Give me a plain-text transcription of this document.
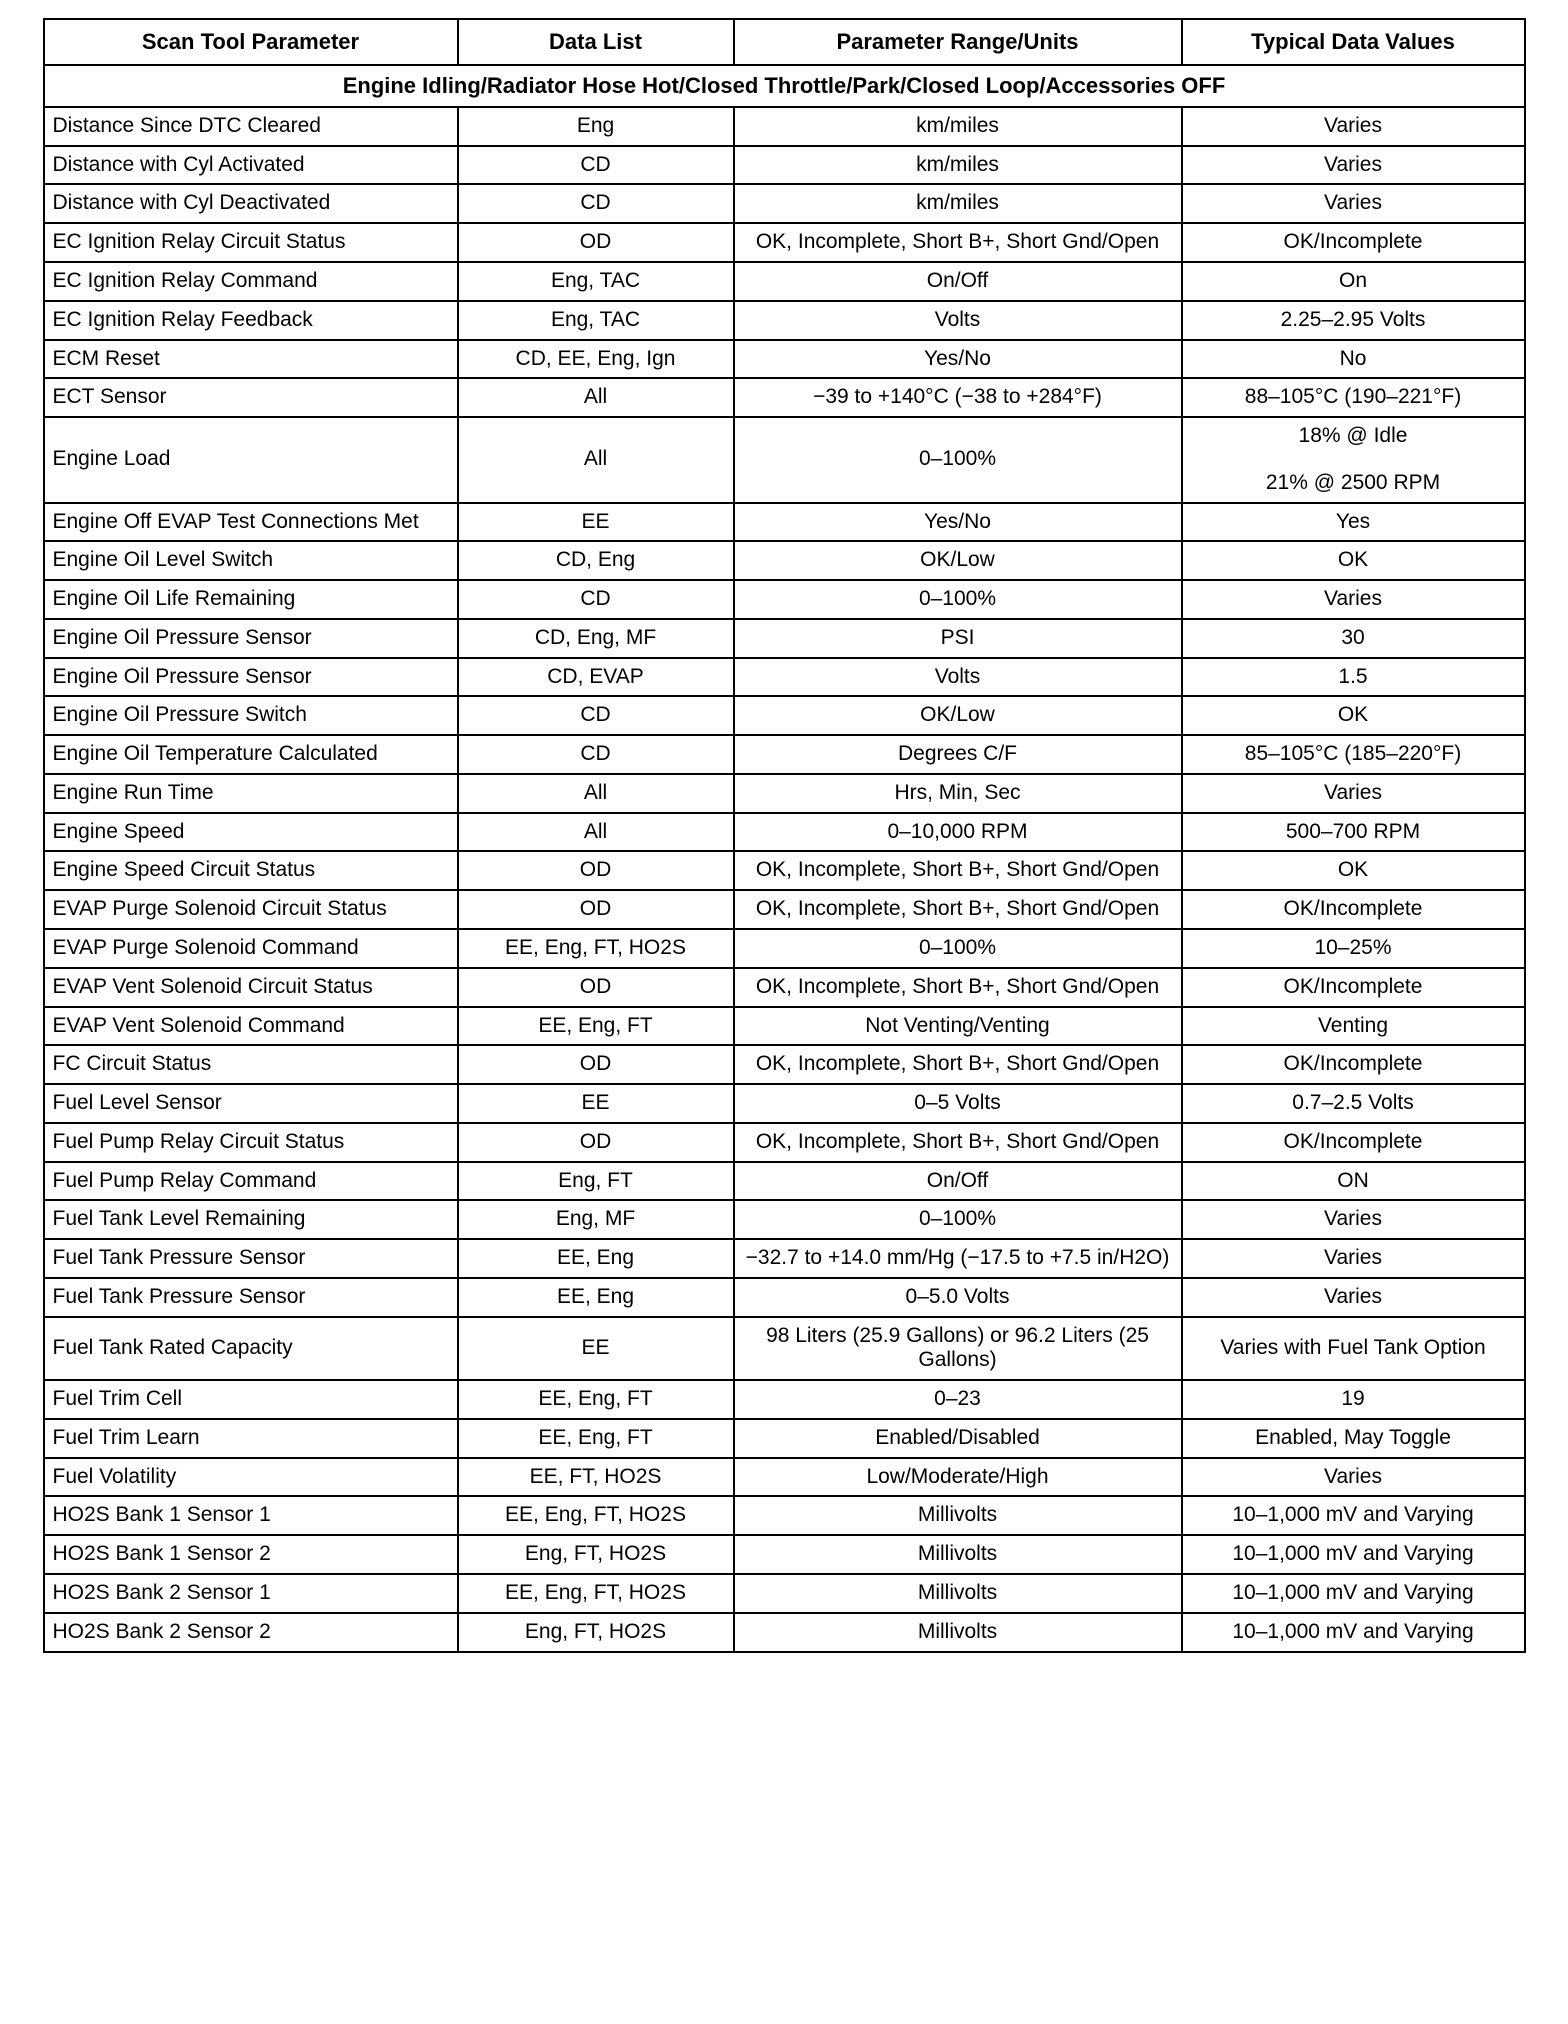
Scan Tool Parameter	Data List	Parameter Range/Units	Typical Data Values
Engine Idling/Radiator Hose Hot/Closed Throttle/Park/Closed Loop/Accessories OFF			
Distance Since DTC Cleared	Eng	km/miles	Varies
Distance with Cyl Activated	CD	km/miles	Varies
Distance with Cyl Deactivated	CD	km/miles	Varies
EC Ignition Relay Circuit Status	OD	OK, Incomplete, Short B+, Short Gnd/Open	OK/Incomplete
EC Ignition Relay Command	Eng, TAC	On/Off	On
EC Ignition Relay Feedback	Eng, TAC	Volts	2.25–2.95 Volts
ECM Reset	CD, EE, Eng, Ign	Yes/No	No
ECT Sensor	All	−39 to +140°C (−38 to +284°F)	88–105°C (190–221°F)
Engine Load	All	0–100%	18% @ Idle
21% @ 2500 RPM

Engine Off EVAP Test Connections Met	EE	Yes/No	Yes
Engine Oil Level Switch	CD, Eng	OK/Low	OK
Engine Oil Life Remaining	CD	0–100%	Varies
Engine Oil Pressure Sensor	CD, Eng, MF	PSI	30
Engine Oil Pressure Sensor	CD, EVAP	Volts	1.5
Engine Oil Pressure Switch	CD	OK/Low	OK
Engine Oil Temperature Calculated	CD	Degrees C/F	85–105°C (185–220°F)
Engine Run Time	All	Hrs, Min, Sec	Varies
Engine Speed	All	0–10,000 RPM	500–700 RPM
Engine Speed Circuit Status	OD	OK, Incomplete, Short B+, Short Gnd/Open	OK
EVAP Purge Solenoid Circuit Status	OD	OK, Incomplete, Short B+, Short Gnd/Open	OK/Incomplete
EVAP Purge Solenoid Command	EE, Eng, FT, HO2S	0–100%	10–25%
EVAP Vent Solenoid Circuit Status	OD	OK, Incomplete, Short B+, Short Gnd/Open	OK/Incomplete
EVAP Vent Solenoid Command	EE, Eng, FT	Not Venting/Venting	Venting
FC Circuit Status	OD	OK, Incomplete, Short B+, Short Gnd/Open	OK/Incomplete
Fuel Level Sensor	EE	0–5 Volts	0.7–2.5 Volts
Fuel Pump Relay Circuit Status	OD	OK, Incomplete, Short B+, Short Gnd/Open	OK/Incomplete
Fuel Pump Relay Command	Eng, FT	On/Off	ON
Fuel Tank Level Remaining	Eng, MF	0–100%	Varies
Fuel Tank Pressure Sensor	EE, Eng	−32.7 to +14.0 mm/Hg (−17.5 to +7.5 in/H2O)	Varies
Fuel Tank Pressure Sensor	EE, Eng	0–5.0 Volts	Varies
Fuel Tank Rated Capacity	EE	98 Liters (25.9 Gallons) or 96.2 Liters (25 Gallons)	Varies with Fuel Tank Option
Fuel Trim Cell	EE, Eng, FT	0–23	19
Fuel Trim Learn	EE, Eng, FT	Enabled/Disabled	Enabled, May Toggle
Fuel Volatility	EE, FT, HO2S	Low/Moderate/High	Varies
HO2S Bank 1 Sensor 1	EE, Eng, FT, HO2S	Millivolts	10–1,000 mV and Varying
HO2S Bank 1 Sensor 2	Eng, FT, HO2S	Millivolts	10–1,000 mV and Varying
HO2S Bank 2 Sensor 1	EE, Eng, FT, HO2S	Millivolts	10–1,000 mV and Varying
HO2S Bank 2 Sensor 2	Eng, FT, HO2S	Millivolts	10–1,000 mV and Varying
